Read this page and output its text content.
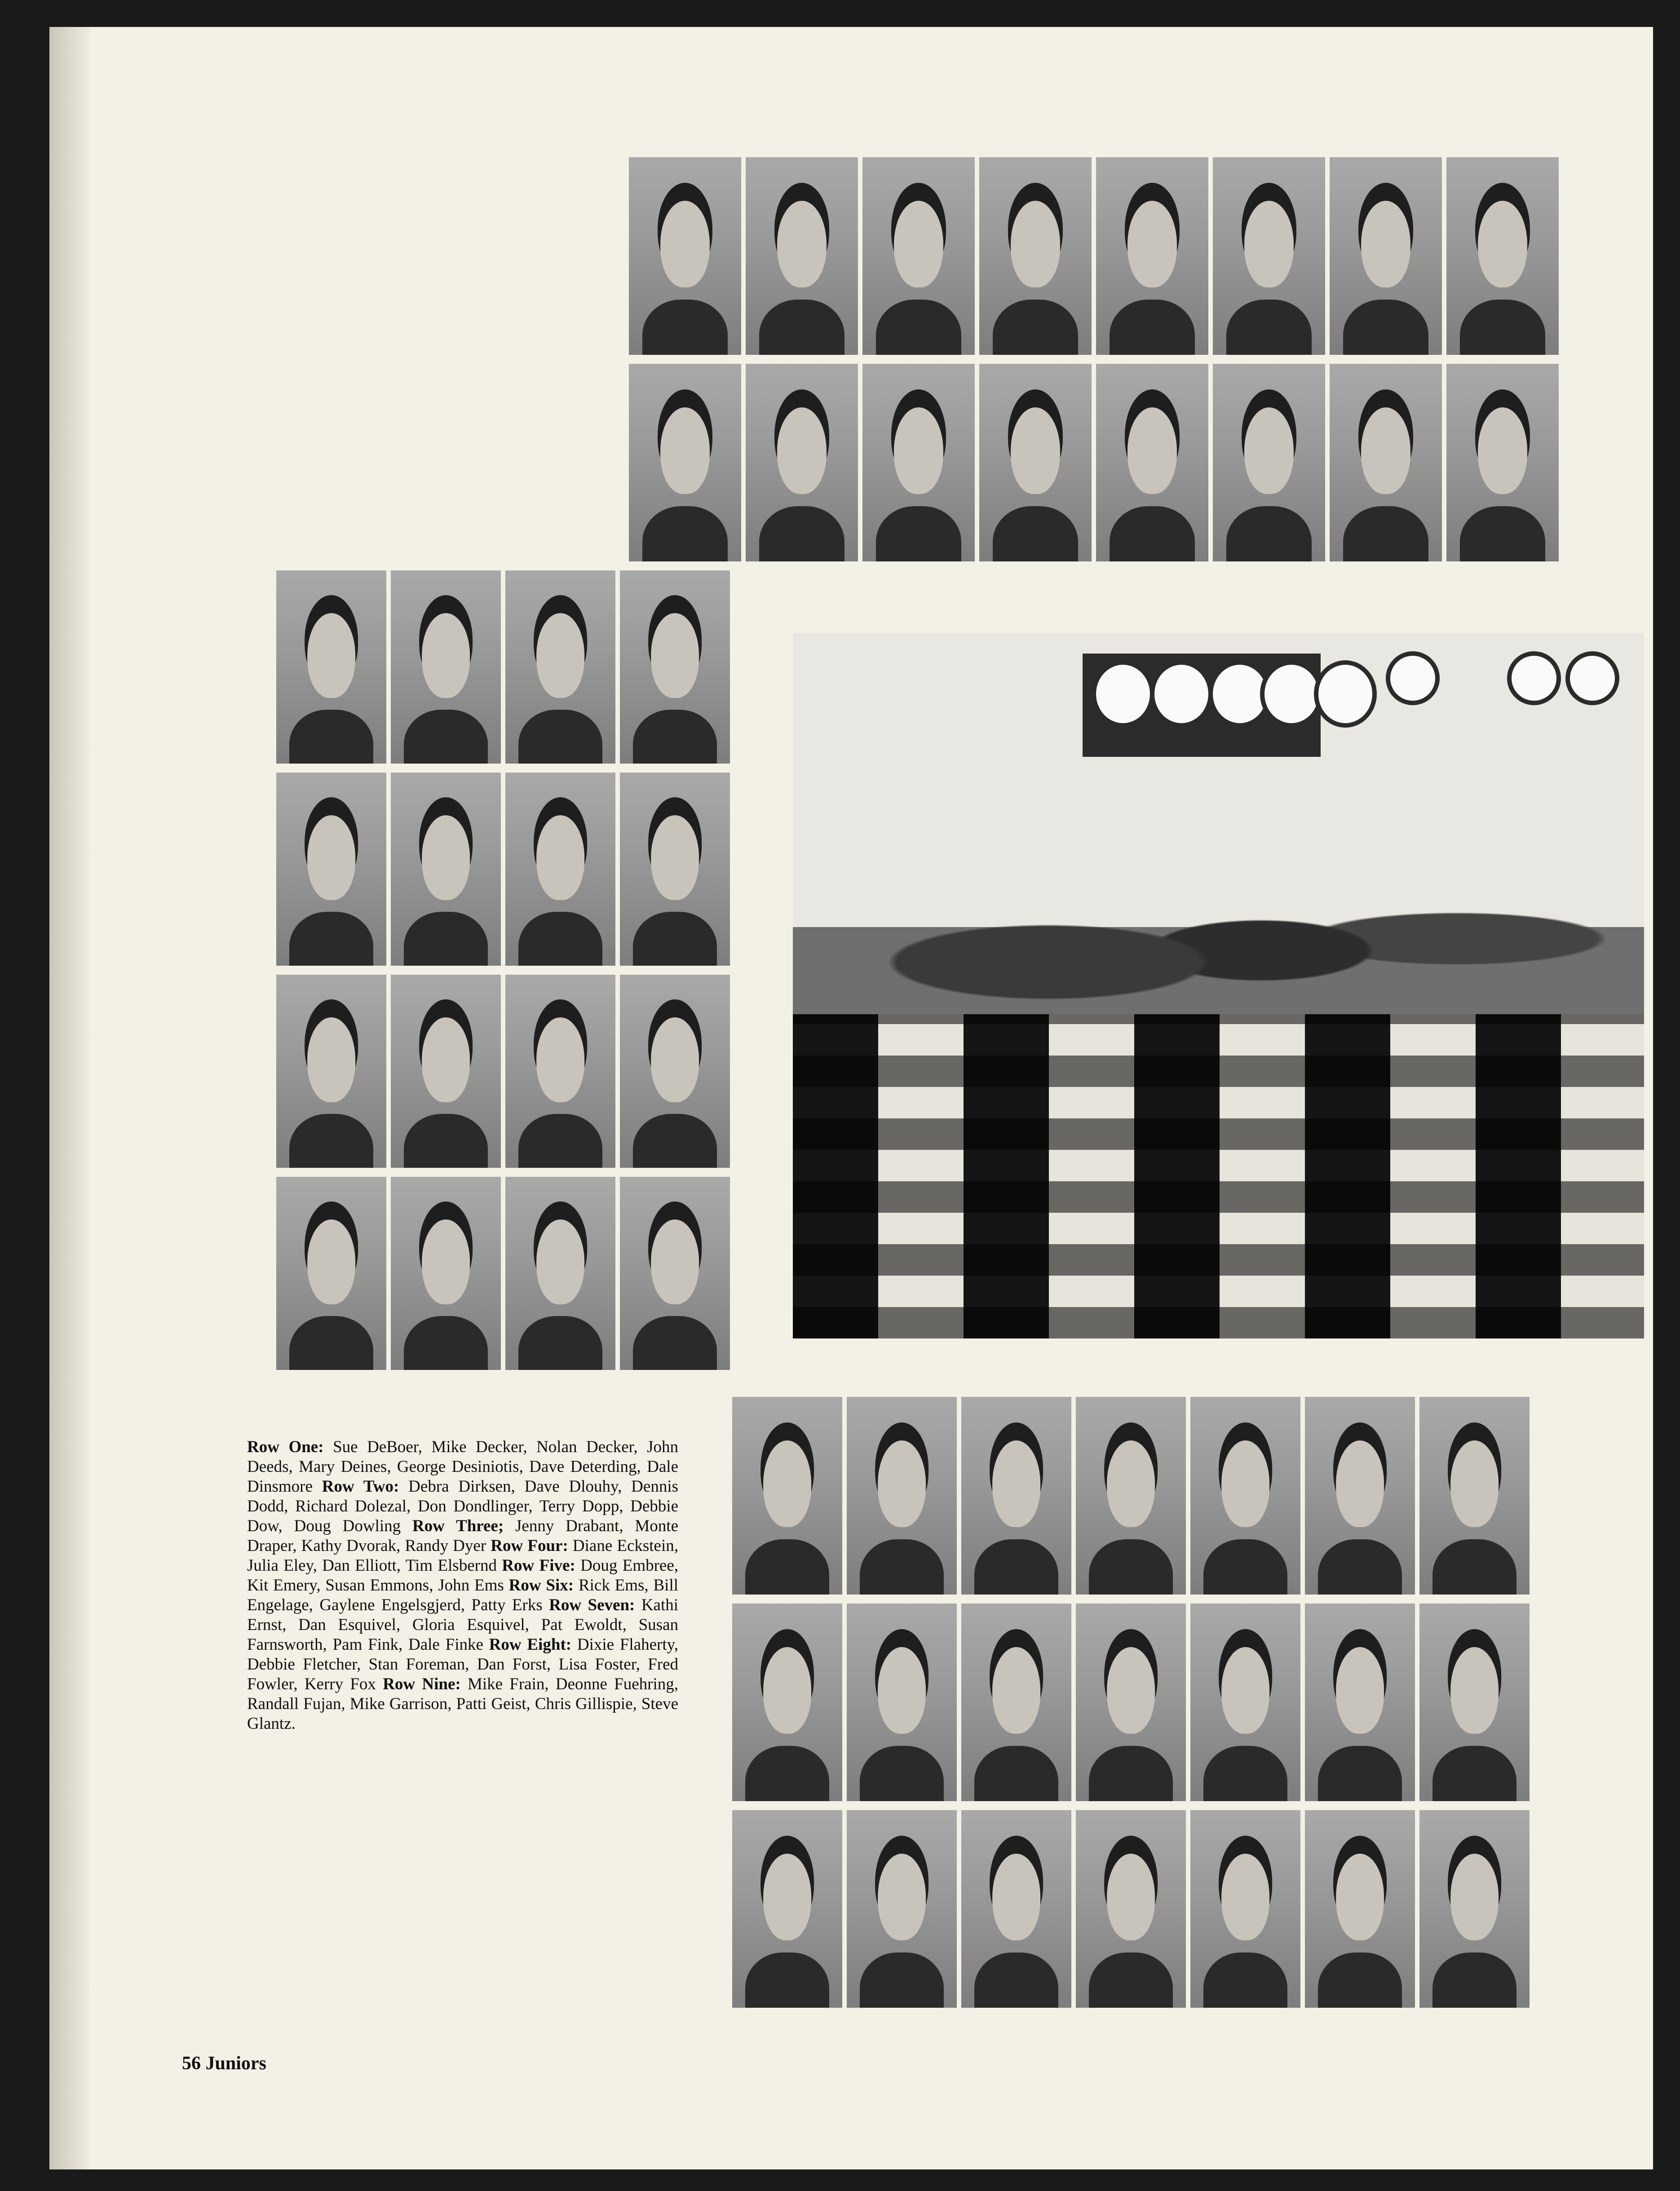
Row One: Sue DeBoer, Mike Decker, Nolan Decker, John Deeds, Mary Deines, George Desiniotis, Dave Deterding, Dale Dinsmore Row Two: Debra Dirksen, Dave Dlouhy, Dennis Dodd, Richard Dolezal, Don Dondlinger, Terry Dopp, Debbie Dow, Doug Dowling Row Three; Jenny Drabant, Monte Draper, Kathy Dvorak, Randy Dyer Row Four: Diane Eckstein, Julia Eley, Dan Elliott, Tim Elsbernd Row Five: Doug Embree, Kit Emery, Susan Emmons, John Ems Row Six: Rick Ems, Bill Engelage, Gaylene Engelsgjerd, Patty Erks Row Seven: Kathi Ernst, Dan Esquivel, Gloria Esquivel, Pat Ewoldt, Susan Farnsworth, Pam Fink, Dale Finke Row Eight: Dixie Flaherty, Debbie Fletcher, Stan Foreman, Dan Forst, Lisa Foster, Fred Fowler, Kerry Fox Row Nine: Mike Frain, Deonne Fuehring, Randall Fujan, Mike Garrison, Patti Geist, Chris Gillispie, Steve Glantz.

56 Juniors
